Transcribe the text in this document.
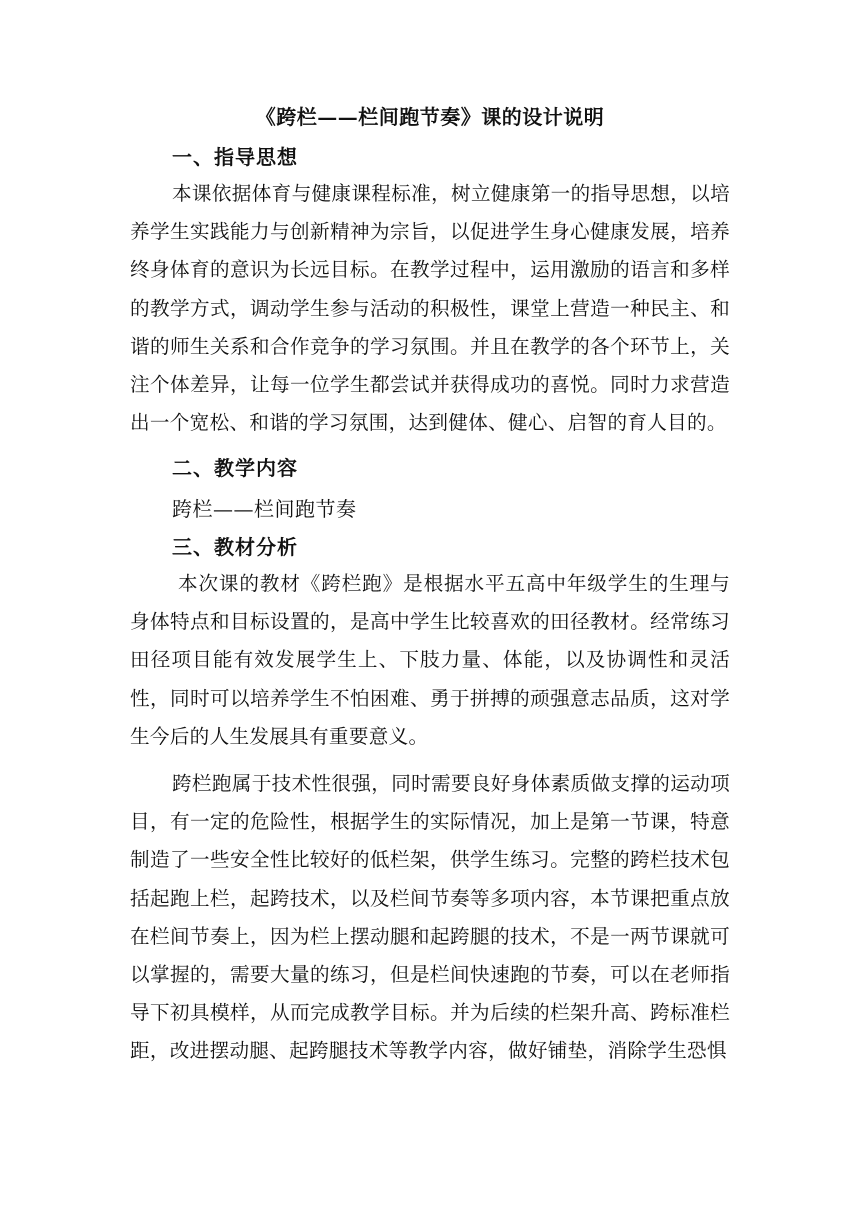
《跨栏——栏间跑节奏》课的设计说明
一、指导思想
本课依据体育与健康课程标准，树立健康第一的指导思想，以培养学生实践能力与创新精神为宗旨，以促进学生身心健康发展，培养终身体育的意识为长远目标。在教学过程中，运用激励的语言和多样的教学方式，调动学生参与活动的积极性，课堂上营造一种民主、和谐的师生关系和合作竞争的学习氛围。并且在教学的各个环节上，关注个体差异，让每一位学生都尝试并获得成功的喜悦。同时力求营造出一个宽松、和谐的学习氛围，达到健体、健心、启智的育人目的。
二、教学内容
跨栏——栏间跑节奏
三、教材分析
本次课的教材《跨栏跑》是根据水平五高中年级学生的生理与身体特点和目标设置的，是高中学生比较喜欢的田径教材。经常练习田径项目能有效发展学生上、下肢力量、体能，以及协调性和灵活性，同时可以培养学生不怕困难、勇于拼搏的顽强意志品质，这对学生今后的人生发展具有重要意义。
跨栏跑属于技术性很强，同时需要良好身体素质做支撑的运动项目，有一定的危险性，根据学生的实际情况，加上是第一节课，特意制造了一些安全性比较好的低栏架，供学生练习。完整的跨栏技术包括起跑上栏，起跨技术，以及栏间节奏等多项内容，本节课把重点放在栏间节奏上，因为栏上摆动腿和起跨腿的技术，不是一两节课就可以掌握的，需要大量的练习，但是栏间快速跑的节奏，可以在老师指导下初具模样，从而完成教学目标。并为后续的栏架升高、跨标准栏距，改进摆动腿、起跨腿技术等教学内容，做好铺垫，消除学生恐惧
